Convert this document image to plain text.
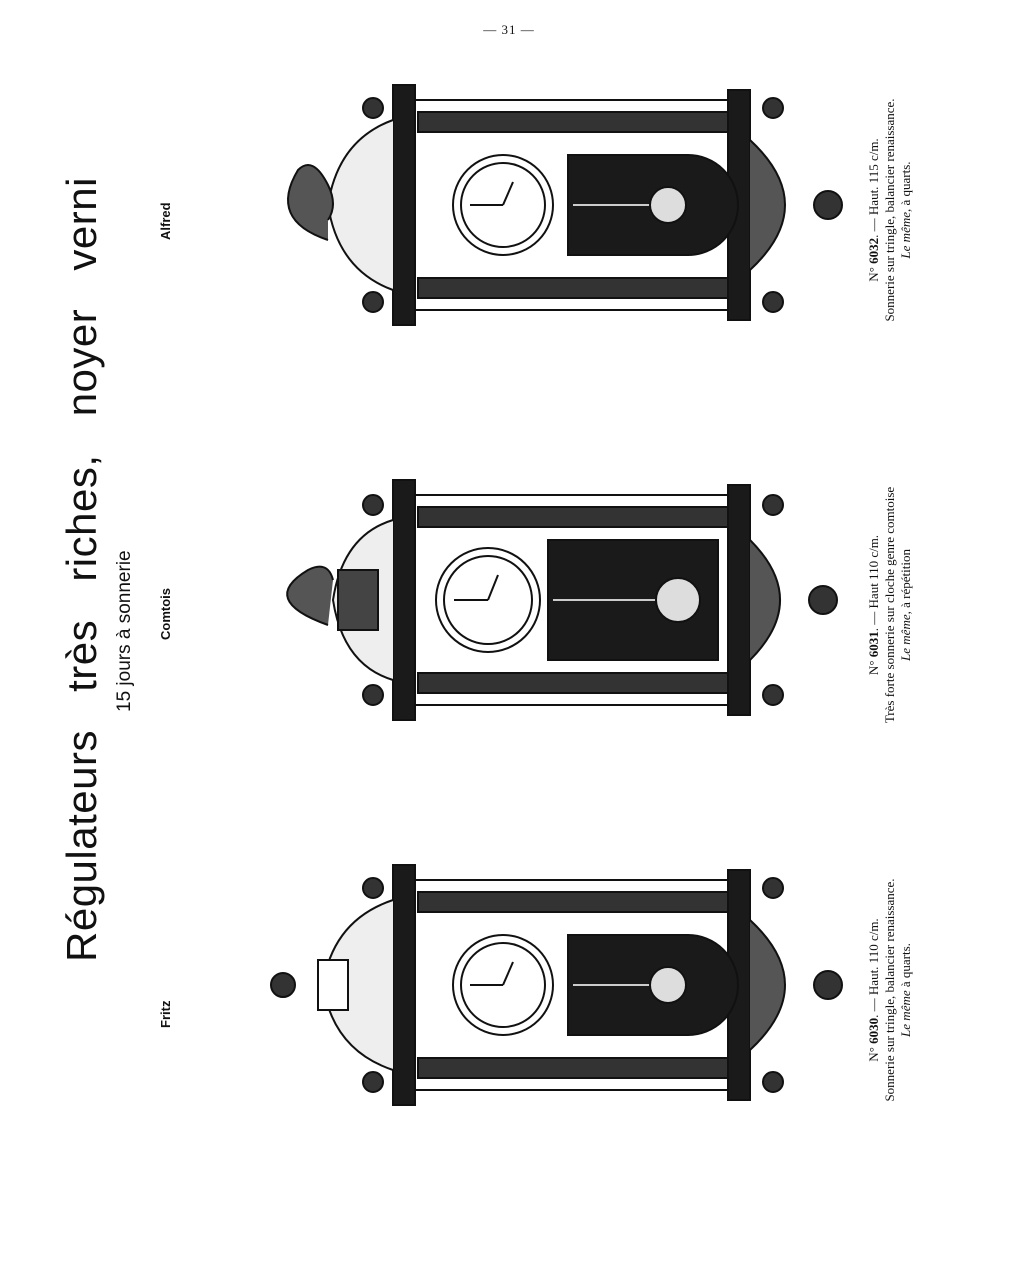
— 31 —
Régulateurs très riches, noyer verni 15 jours à sonnerie
Fritz
Comtois
Alfred
N° 6030. — Haut. 110 c/m. Sonnerie sur tringle, balancier renaissance. Le même à quarts.
N° 6031. — Haut 110 c/m. Très forte sonnerie sur cloche genre comtoise Le même, à répétition
N° 6032. — Haut. 115 c/m. Sonnerie sur tringle, balancier renaissance. Le même, à quarts.
